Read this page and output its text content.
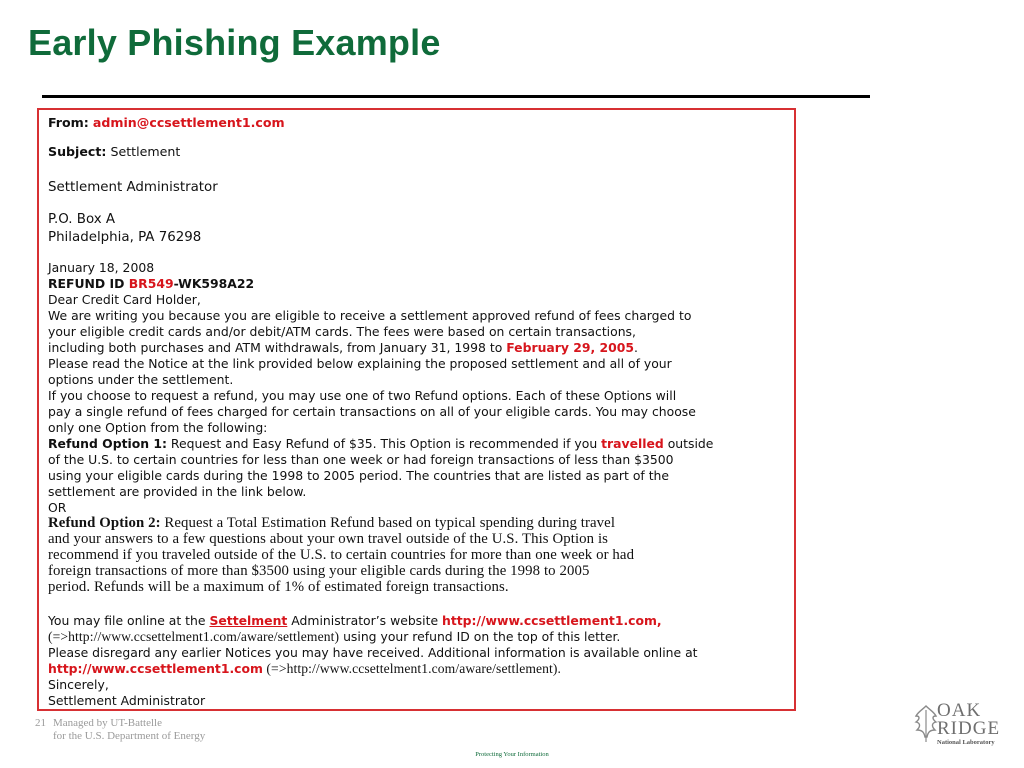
Early Phishing Example
From: admin@ccsettlement1.com
Subject: Settlement
Settlement Administrator
P.O. Box A
Philadelphia, PA 76298
January 18, 2008
REFUND ID BR549-WK598A22
Dear Credit Card Holder,
We are writing you because you are eligible to receive a settlement approved refund of fees charged to
your eligible credit cards and/or debit/ATM cards. The fees were based on certain transactions,
including both purchases and ATM withdrawals, from January 31, 1998 to February 29, 2005.
Please read the Notice at the link provided below explaining the proposed settlement and all of your
options under the settlement.
If you choose to request a refund, you may use one of two Refund options. Each of these Options will
pay a single refund of fees charged for certain transactions on all of your eligible cards. You may choose
only one Option from the following:
Refund Option 1: Request and Easy Refund of $35. This Option is recommended if you travelled outside
of the U.S. to certain countries for less than one week or had foreign transactions of less than $3500
using your eligible cards during the 1998 to 2005 period. The countries that are listed as part of the
settlement are provided in the link below.
OR
Refund Option 2: Request a Total Estimation Refund based on typical spending during travel
and your answers to a few questions about your own travel outside of the U.S. This Option is
recommend if you traveled outside of the U.S. to certain countries for more than one week or had
foreign transactions of more than $3500 using your eligible cards during the 1998 to 2005
period. Refunds will be a maximum of 1% of estimated foreign transactions.
You may file online at the Settelment Administrator’s website http://www.ccsettlement1.com,
(=>http://www.ccsettelment1.com/aware/settlement) using your refund ID on the top of this letter.
Please disregard any earlier Notices you may have received. Additional information is available online at
http://www.ccsettlement1.com (=>http://www.ccsettelment1.com/aware/settlement).
Sincerely,
Settlement Administrator
21 Managed by UT-Battelle
for the U.S. Department of Energy
Protecting Your Information
OAK
RIDGE
National Laboratory
